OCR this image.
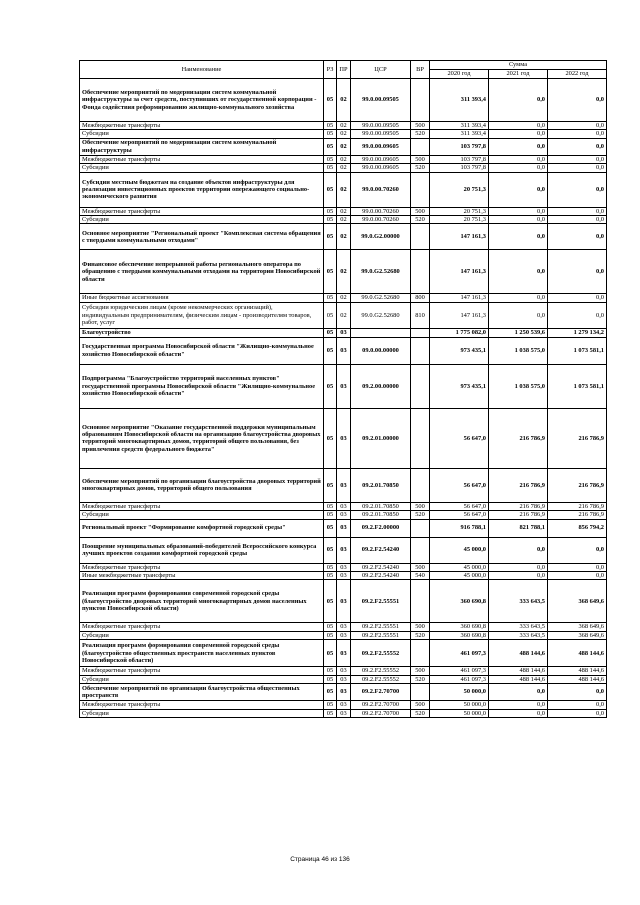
Наименование	РЗ	ПР	ЦСР	ВР	Сумма		
					2020 год	2021 год	2022 год
Обеспечение мероприятий по модернизации систем коммунальной инфраструктуры за счет средств, поступивших от государственной корпорации - Фонда содействия реформированию жилищно-коммунального хозяйства	05	02	99.0.00.09505		311 393,4	0,0	0,0
Межбюджетные трансферты	05	02	99.0.00.09505	500	311 393,4	0,0	0,0
Субсидии	05	02	99.0.00.09505	520	311 393,4	0,0	0,0
Обеспечение мероприятий по модернизации систем коммунальной инфраструктуры	05	02	99.0.00.09605		103 797,8	0,0	0,0
Межбюджетные трансферты	05	02	99.0.00.09605	500	103 797,8	0,0	0,0
Субсидии	05	02	99.0.00.09605	520	103 797,8	0,0	0,0
Субсидии местным бюджетам на создание объектов инфраструктуры для реализации инвестиционных проектов территории опережающего социально-экономического развития	05	02	99.0.00.70260		20 751,3	0,0	0,0
Межбюджетные трансферты	05	02	99.0.00.70260	500	20 751,3	0,0	0,0
Субсидии	05	02	99.0.00.70260	520	20 751,3	0,0	0,0
Основное мероприятие "Региональный проект "Комплексная система обращения с твердыми коммунальными отходами"	05	02	99.0.G2.00000		147 161,3	0,0	0,0
Финансовое обеспечение непрерывной работы регионального оператора по обращению с твердыми коммунальными отходами на территории Новосибирской области	05	02	99.0.G2.52680		147 161,3	0,0	0,0
Иные бюджетные ассигнования	05	02	99.0.G2.52680	800	147 161,3	0,0	0,0
Субсидии юридическим лицам (кроме некоммерческих организаций), индивидуальным предпринимателям, физическим лицам - производителям товаров, работ, услуг	05	02	99.0.G2.52680	810	147 161,3	0,0	0,0
Благоустройство	05	03			1 775 082,0	1 250 539,6	1 279 134,2
Государственная программа Новосибирской области "Жилищно-коммунальное хозяйство Новосибирской области"	05	03	09.0.00.00000		973 435,1	1 038 575,0	1 073 581,1
Подпрограмма "Благоустройство территорий населенных пунктов" государственной программы Новосибирской области "Жилищно-коммунальное хозяйство Новосибирской области"	05	03	09.2.00.00000		973 435,1	1 038 575,0	1 073 581,1
Основное мероприятие "Оказание государственной поддержки муниципальным образованиям Новосибирской области на организацию благоустройства дворовых территорий многоквартирных домов, территорий общего пользования, без привлечения средств федерального бюджета"	05	03	09.2.01.00000		56 647,0	216 786,9	216 786,9
Обеспечение мероприятий по организации благоустройства дворовых территорий многоквартирных домов, территорий общего пользования	05	03	09.2.01.70850		56 647,0	216 786,9	216 786,9
Межбюджетные трансферты	05	03	09.2.01.70850	500	56 647,0	216 786,9	216 786,9
Субсидии	05	03	09.2.01.70850	520	56 647,0	216 786,9	216 786,9
Региональный проект "Формирование комфортной городской среды"	05	03	09.2.F2.00000		916 788,1	821 788,1	856 794,2
Поощрение муниципальных образований-победителей Всероссийского конкурса лучших проектов создания комфортной городской среды	05	03	09.2.F2.54240		45 000,0	0,0	0,0
Межбюджетные трансферты	05	03	09.2.F2.54240	500	45 000,0	0,0	0,0
Иные межбюджетные трансферты	05	03	09.2.F2.54240	540	45 000,0	0,0	0,0
Реализация программ формирования современной городской среды (благоустройство дворовых территорий многоквартирных домов населенных пунктов Новосибирской области)	05	03	09.2.F2.55551		360 690,8	333 643,5	368 649,6
Межбюджетные трансферты	05	03	09.2.F2.55551	500	360 690,8	333 643,5	368 649,6
Субсидии	05	03	09.2.F2.55551	520	360 690,8	333 643,5	368 649,6
Реализация программ формирования современной городской среды (благоустройство общественных пространств населенных пунктов Новосибирской области)	05	03	09.2.F2.55552		461 097,3	488 144,6	488 144,6
Межбюджетные трансферты	05	03	09.2.F2.55552	500	461 097,3	488 144,6	488 144,6
Субсидии	05	03	09.2.F2.55552	520	461 097,3	488 144,6	488 144,6
Обеспечение мероприятий по организации благоустройства общественных пространств	05	03	09.2.F2.70700		50 000,0	0,0	0,0
Межбюджетные трансферты	05	03	09.2.F2.70700	500	50 000,0	0,0	0,0
Субсидии	05	03	09.2.F2.70700	520	50 000,0	0,0	0,0
Страница 46 из 136
